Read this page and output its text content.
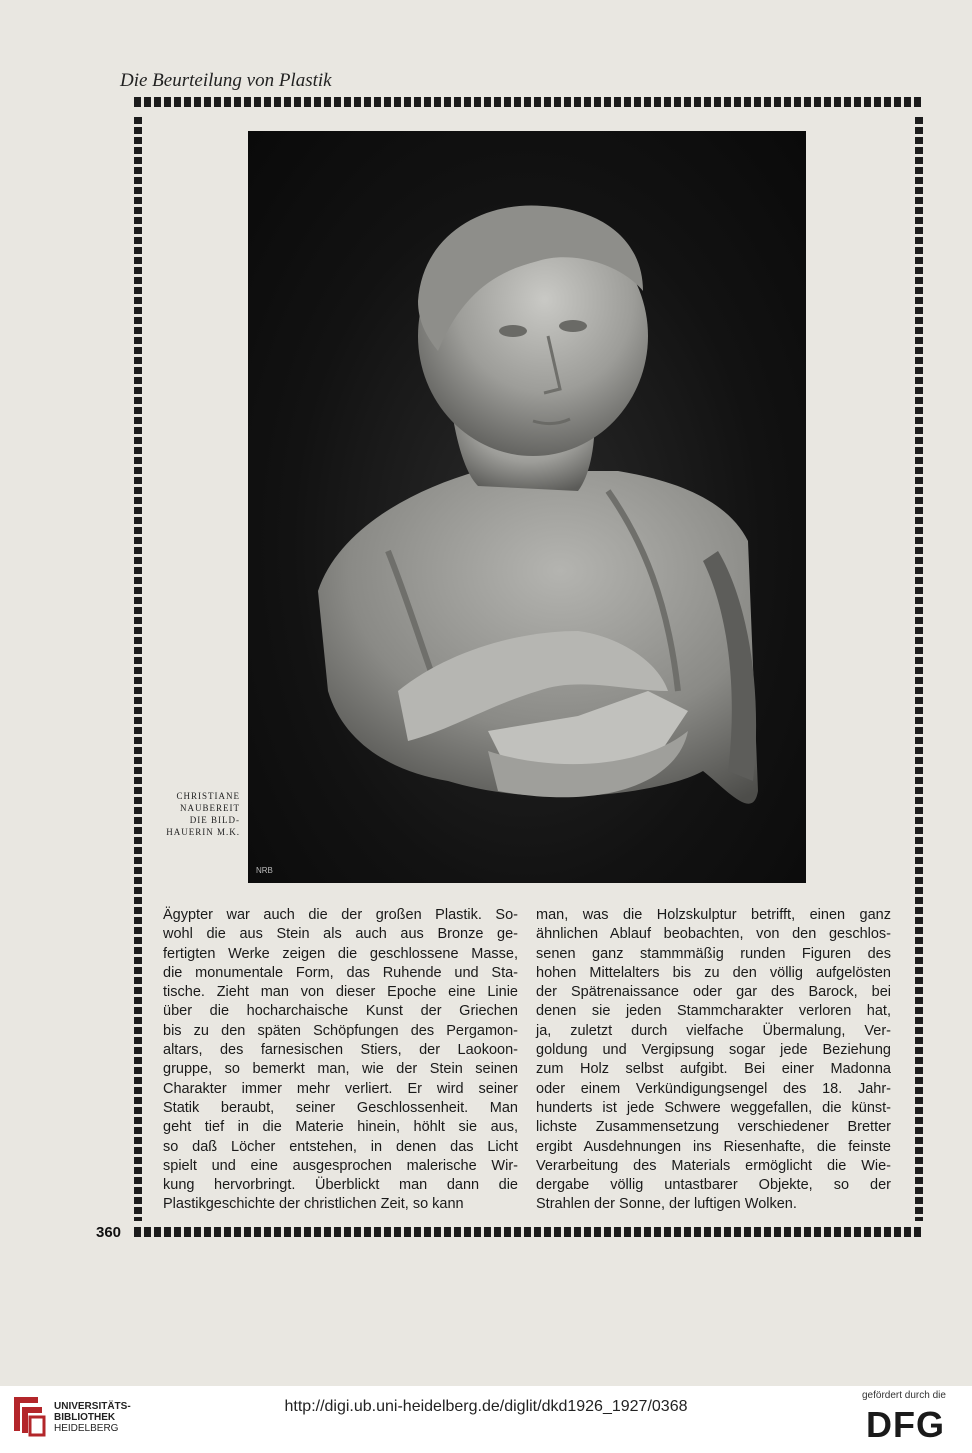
Die Beurteilung von Plastik
NRB
CHRISTIANE
NAUBEREIT
DIE BILD-
HAUERIN M.K.
Ägypter war auch die der großen Plastik. So-
wohl die aus Stein als auch aus Bronze ge-
fertigten Werke zeigen die geschlossene Masse,
die monumentale Form, das Ruhende und Sta-
tische. Zieht man von dieser Epoche eine Linie
über die hocharchaische Kunst der Griechen
bis zu den späten Schöpfungen des Pergamon-
altars, des farnesischen Stiers, der Laokoon-
gruppe, so bemerkt man, wie der Stein seinen
Charakter immer mehr verliert. Er wird seiner
Statik beraubt, seiner Geschlossenheit. Man
geht tief in die Materie hinein, höhlt sie aus,
so daß Löcher entstehen, in denen das Licht
spielt und eine ausgesprochen malerische Wir-
kung hervorbringt. Überblickt man dann die
Plastikgeschichte der christlichen Zeit, so kann
man, was die Holzskulptur betrifft, einen ganz
ähnlichen Ablauf beobachten, von den geschlos-
senen ganz stammmäßig runden Figuren des
hohen Mittelalters bis zu den völlig aufgelösten
der Spätrenaissance oder gar des Barock, bei
denen sie jeden Stammcharakter verloren hat,
ja, zuletzt durch vielfache Übermalung, Ver-
goldung und Vergipsung sogar jede Beziehung
zum Holz selbst aufgibt. Bei einer Madonna
oder einem Verkündigungsengel des 18. Jahr-
hunderts ist jede Schwere weggefallen, die künst-
lichste Zusammensetzung verschiedener Bretter
ergibt Ausdehnungen ins Riesenhafte, die feinste
Verarbeitung des Materials ermöglicht die Wie-
dergabe völlig untastbarer Objekte, so der
Strahlen der Sonne, der luftigen Wolken.
360
UNIVERSITÄTS-
BIBLIOTHEK
HEIDELBERG
http://digi.ub.uni-heidelberg.de/diglit/dkd1926_1927/0368
gefördert durch die
DFG
